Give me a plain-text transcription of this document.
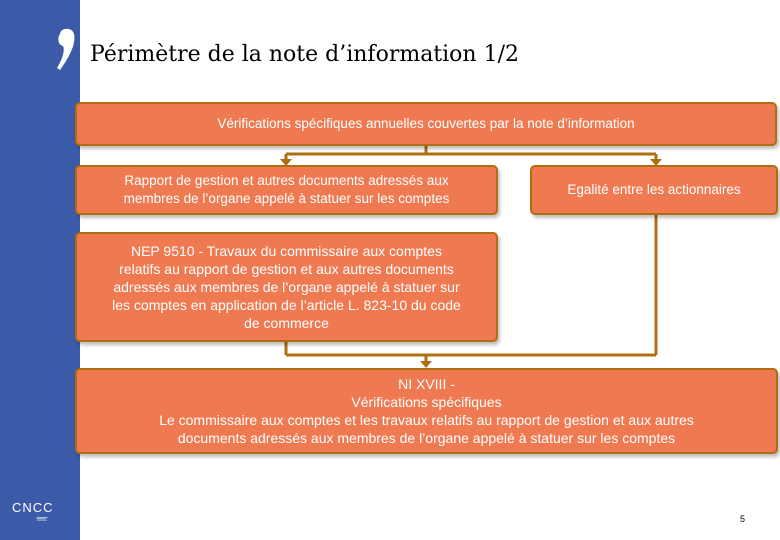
Périmètre de la note d’information 1/2
Vérifications spécifiques annuelles couvertes par la note d’information
Rapport de gestion et autres documents adressés aux
membres de l’organe appelé à statuer sur les comptes
Egalité entre les actionnaires
NEP 9510 - Travaux du commissaire aux comptes
relatifs au rapport de gestion et aux autres documents
adressés aux membres de l’organe appelé à statuer sur
les comptes en application de l’article L. 823-10 du code
de commerce
NI XVIII -
Vérifications spécifiques
Le commissaire aux comptes et les travaux relatifs au rapport de gestion et aux autres
documents adressés aux membres de l’organe appelé à statuer sur les comptes
CNCC
5
